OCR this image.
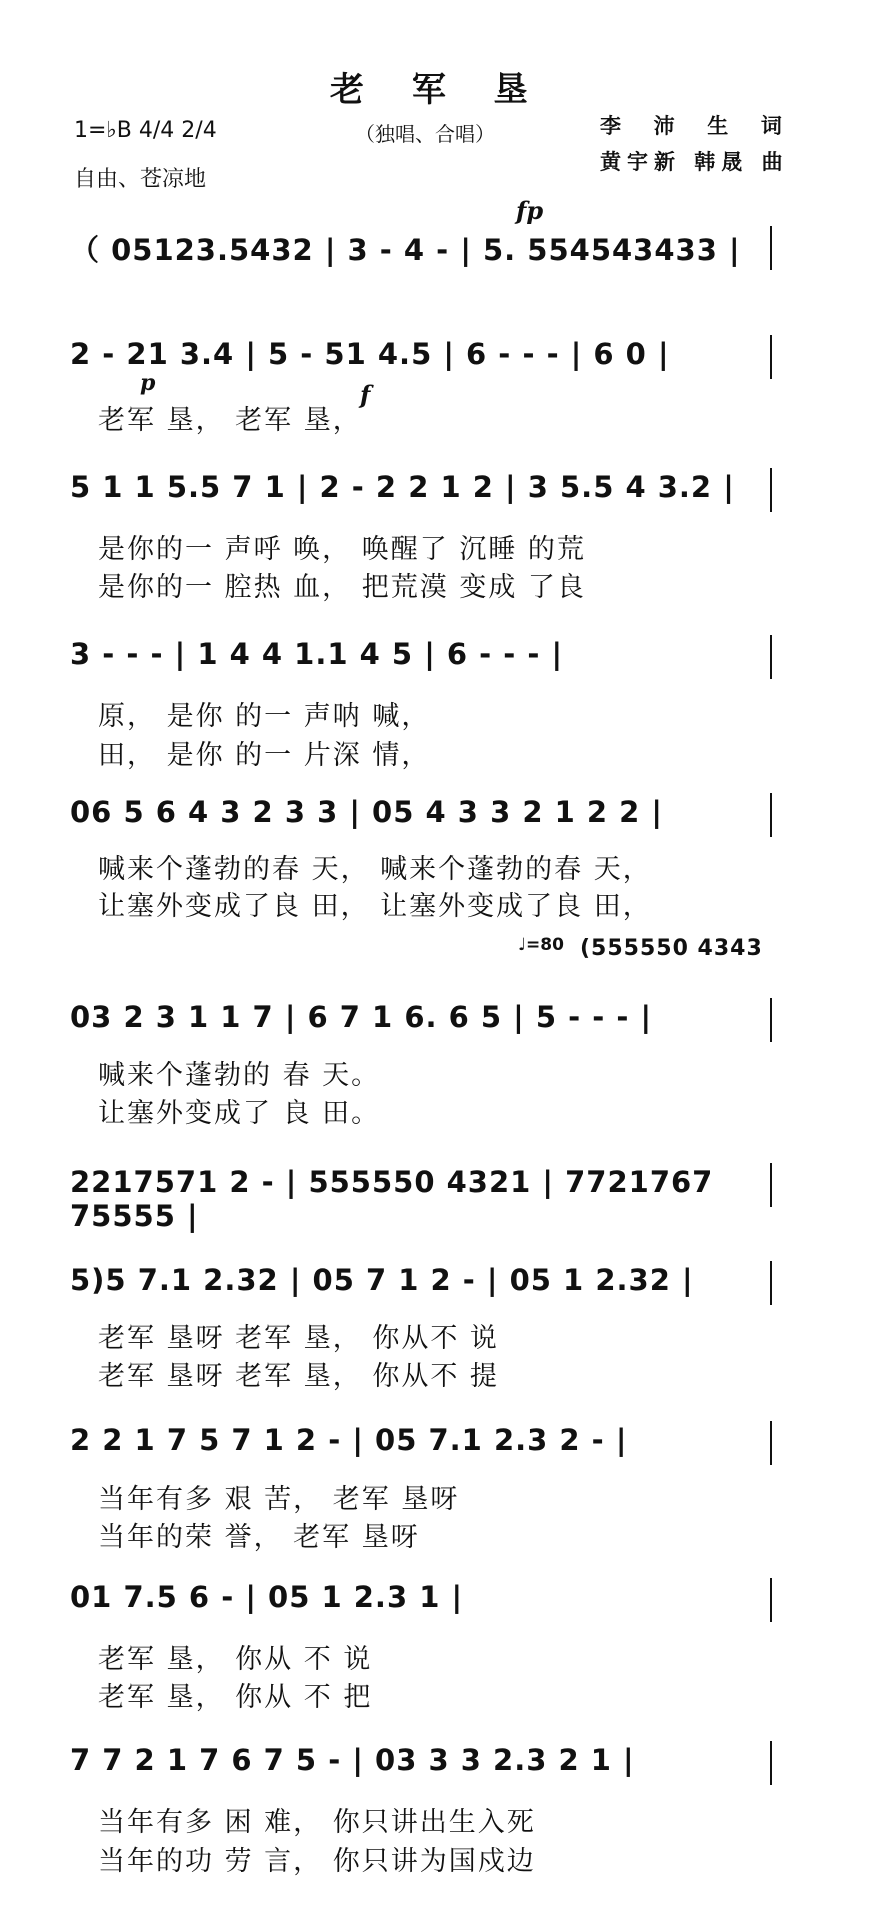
老 军 垦
（独唱、合唱）
1=♭B 4/4 2/4
自由、苍凉地
李  沛  生  词
黄宇新 韩晟 曲
fp
p	f
♩=80
（ 05123.5432 | 3 - 4 - | 5. 554543433 |
2 - 21 3.4 | 5 - 51 4.5 | 6 - - - | 6 0 |
老军 垦， 老军 垦，
5 1 1 5.5 7 1 | 2 - 2 2 1 2 | 3 5.5 4 3.2 |
是你的一 声呼 唤， 唤醒了 沉睡 的荒
是你的一 腔热 血， 把荒漠 变成 了良
3 - - - | 1 4 4 1.1 4 5 | 6 - - - |
原， 是你 的一 声呐 喊，
田， 是你 的一 片深 情，
06 5 6 4 3 2 3 3 | 05 4 3 3 2 1 2 2 |
喊来个蓬勃的春 天， 喊来个蓬勃的春 天，
让塞外变成了良 田， 让塞外变成了良 田，
03 2 3 1 1 7 | 6 7 1 6. 6 5 | 5 - - - |
(555550 4343
喊来个蓬勃的 春 天。
让塞外变成了 良 田。
2217571 2 - | 555550 4321 | 7721767 75555 |
5)5 7.1 2.32 | 05 7 1 2 - | 05 1 2.32 |
老军 垦呀 老军 垦， 你从不 说
老军 垦呀 老军 垦， 你从不 提
2 2 1 7 5 7 1 2 - | 05 7.1 2.3 2 - |
当年有多 艰 苦， 老军 垦呀
当年的荣 誉， 老军 垦呀
01 7.5 6 - | 05 1 2.3 1 |
老军 垦， 你从 不 说
老军 垦， 你从 不 把
7 7 2 1 7 6 7 5 - | 03 3 3 2.3 2 1 |
当年有多 困 难， 你只讲出生入死
当年的功 劳 言， 你只讲为国戍边
